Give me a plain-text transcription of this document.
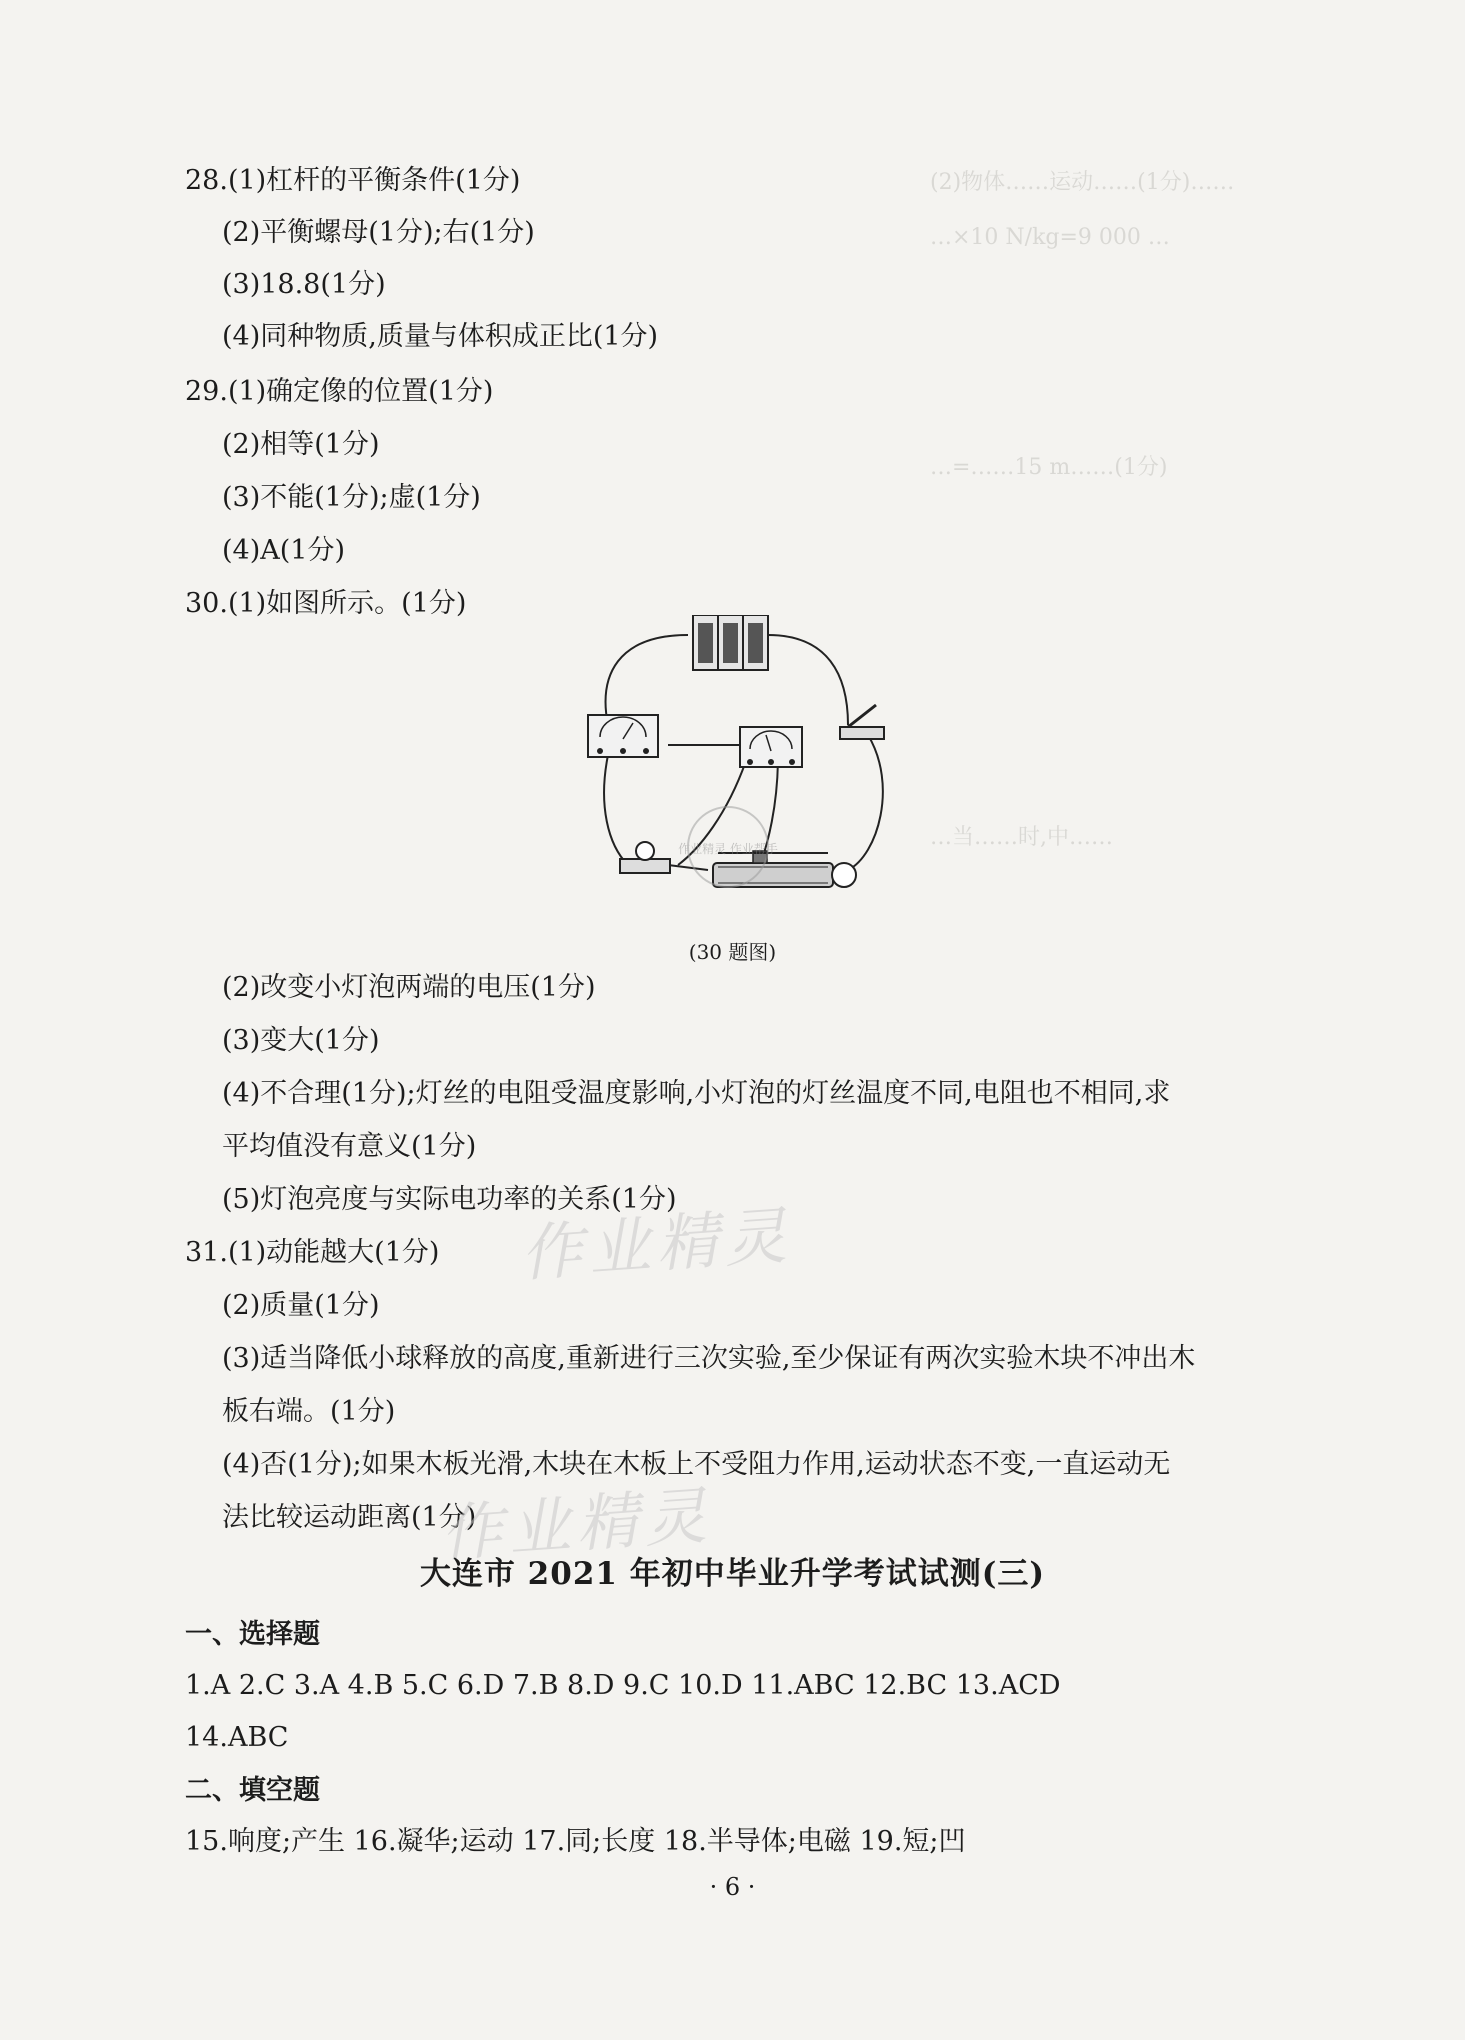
(2)物体……运动……(1分)……
…×10 N/kg=9 000 …
…=……15 m……(1分)
…当……时,中……
28.(1)杠杆的平衡条件(1分)
(2)平衡螺母(1分);右(1分)
(3)18.8(1分)
(4)同种物质,质量与体积成正比(1分)
29.(1)确定像的位置(1分)
(2)相等(1分)
(3)不能(1分);虚(1分)
(4)A(1分)
30.(1)如图所示。(1分)
作业精灵 作业帮手
(30 题图)
(2)改变小灯泡两端的电压(1分)
(3)变大(1分)
(4)不合理(1分);灯丝的电阻受温度影响,小灯泡的灯丝温度不同,电阻也不相同,求
平均值没有意义(1分)
(5)灯泡亮度与实际电功率的关系(1分)
作业精灵
31.(1)动能越大(1分)
(2)质量(1分)
(3)适当降低小球释放的高度,重新进行三次实验,至少保证有两次实验木块不冲出木
板右端。(1分)
(4)否(1分);如果木板光滑,木块在木板上不受阻力作用,运动状态不变,一直运动无
法比较运动距离(1分)
作业精灵
大连市 2021 年初中毕业升学考试试测(三)
一、选择题
1.A 2.C 3.A 4.B 5.C 6.D 7.B 8.D 9.C 10.D 11.ABC 12.BC 13.ACD
14.ABC
二、填空题
15.响度;产生 16.凝华;运动 17.同;长度 18.半导体;电磁 19.短;凹
· 6 ·
